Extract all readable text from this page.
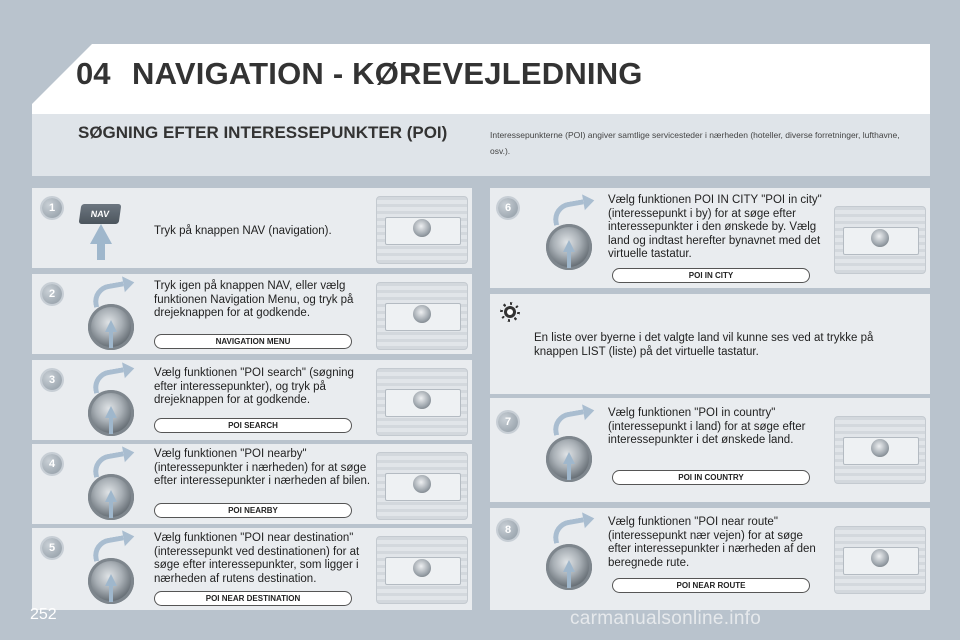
04 NAVIGATION - KØREVEJLEDNING
SØGNING EFTER INTERESSEPUNKTER (POI)	Interessepunkterne (POI) angiver samtlige servicesteder i nærheden (hoteller, diverse forretninger, lufthavne, osv.).
1	NAV
Tryk på knappen NAV (navigation).
2
Tryk igen på knappen NAV, eller vælg funktionen Navigation Menu, og tryk på drejeknappen for at godkende.
NAVIGATION MENU
3
Vælg funktionen "POI search" (søgning efter interessepunkter), og tryk på drejeknappen for at godkende.
POI SEARCH
4
Vælg funktionen "POI nearby" (interessepunkter i nærheden) for at søge efter interessepunkter i nærheden af bilen.
POI NEARBY
5
Vælg funktionen "POI near destination" (interessepunkt ved destinationen) for at søge efter interessepunkter, som ligger i nærheden af rutens destination.
POI NEAR DESTINATION
6
Vælg funktionen POI IN CITY "POI in city" (interessepunkt i by) for at søge efter interessepunkter i den ønskede by. Vælg land og indtast herefter bynavnet med det virtuelle tastatur.
POI IN CITY
En liste over byerne i det valgte land vil kunne ses ved at trykke på knappen LIST (liste) på det virtuelle tastatur.
7
Vælg funktionen "POI in country" (interessepunkt i land) for at søge efter interessepunkter i det ønskede land.
POI IN COUNTRY
8
Vælg funktionen "POI near route" (interessepunkt nær vejen) for at søge efter interessepunkter i nærheden af den beregnede rute.
POI NEAR ROUTE
252	carmanualsonline.info
